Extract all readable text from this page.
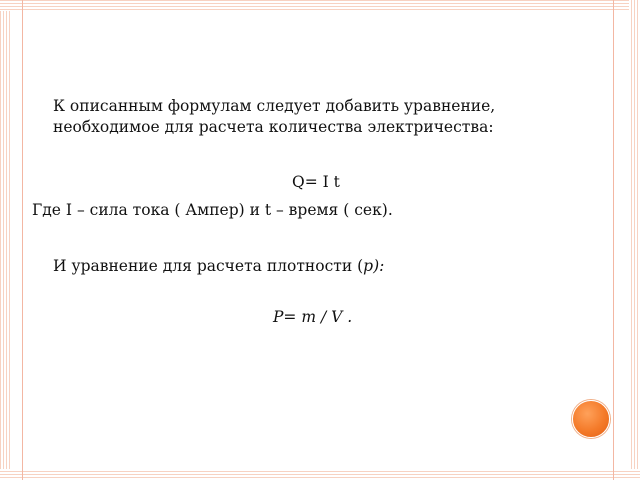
К описанным формулам следует добавить уравнение, необходимое для расчета количества электричества:
Q= I t
Где I – сила тока ( Ампер) и t – время ( сек).
И уравнение для расчета плотности (p):
P= m / V .
